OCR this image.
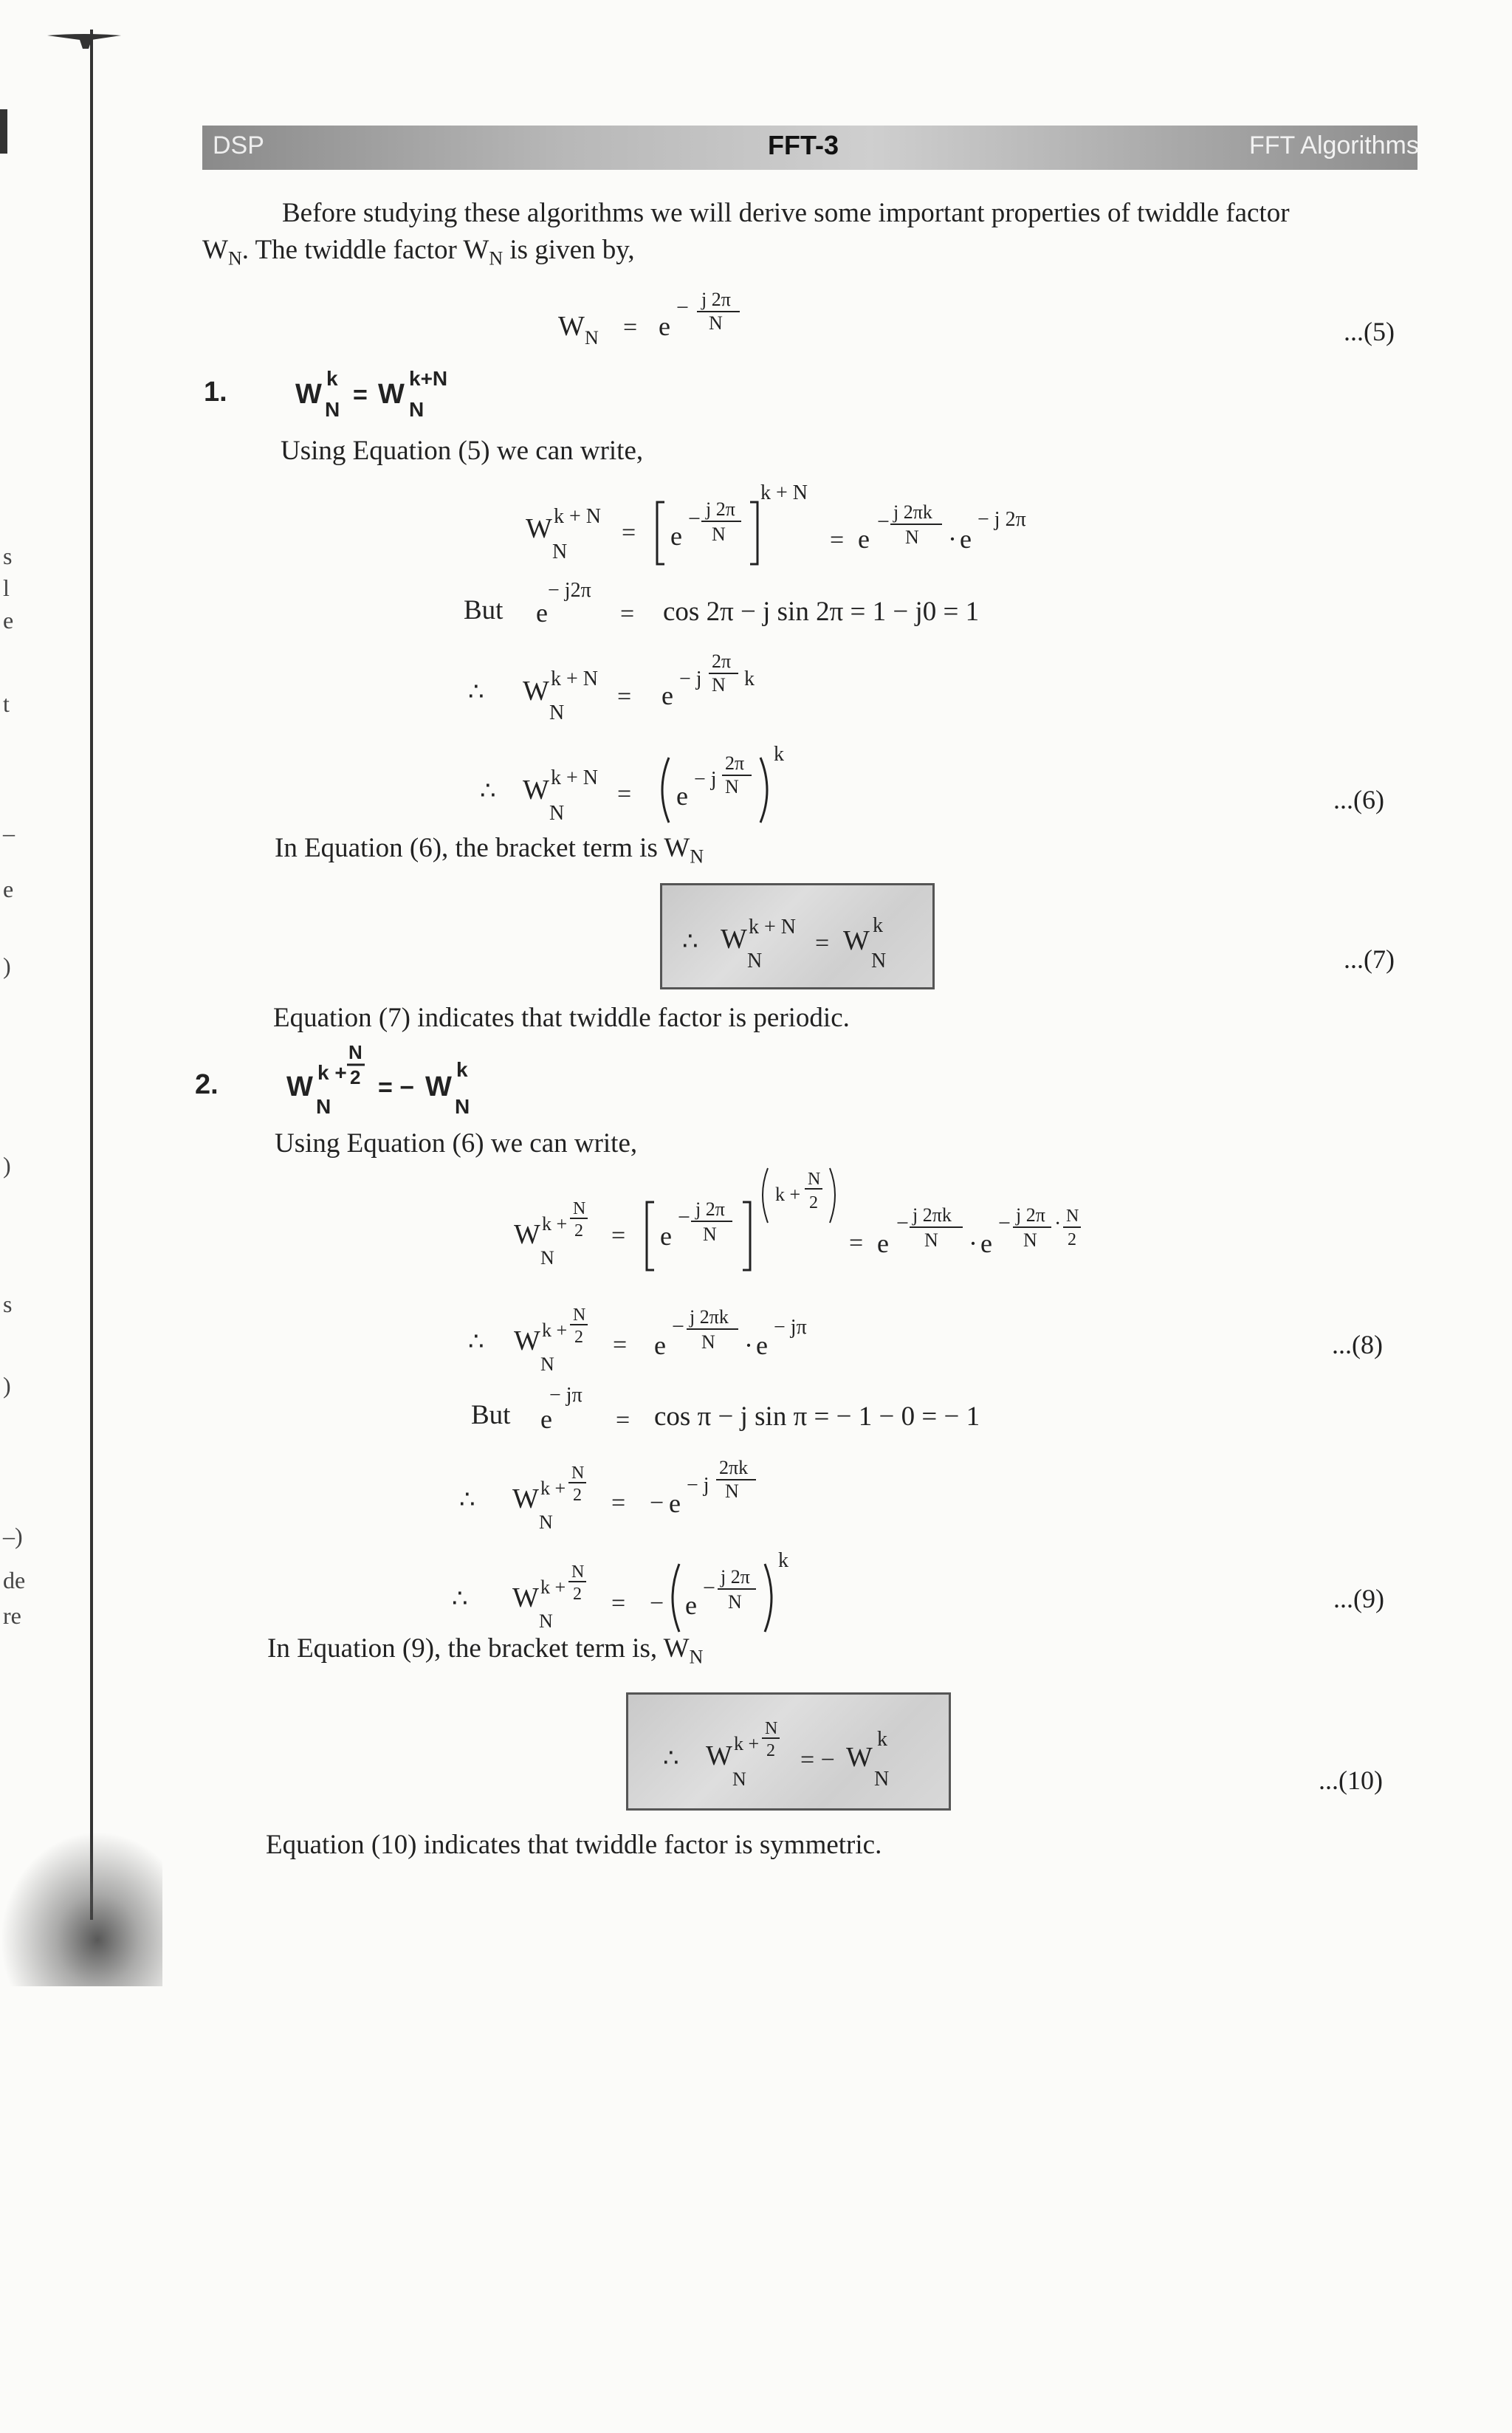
s
l
e
t
–
e
)
)
s
)
–)
de
re
DSP	FFT-3	FFT Algorithms
Before studying these algorithms we will derive some important properties of twiddle factor
$W_N$. The twiddle factor $W_N$ is given by,
W N = e
− j 2π
N	...(5)
1. W
k
N
= W
k+N
N
Using Equation (5) we can write,
W k + N
N
= e
− j 2π
N
k + N
= e
− j 2πk
N · e
− j 2π
But e
− j2π
= cos 2π − j sin 2π = 1 − j0 = 1
∴ W k + N
N
= e
− j
2π
N k
∴ W k + N
N
= e
− j
2π
N
k
...(6)
In Equation (6), the bracket term is $W_N$
∴ W k + N
N
= W k
N	...(7)
Equation (7) indicates that twiddle factor is periodic.
2. W k +
N
2
N
= − W
k
N
Using Equation (6) we can write,
W k +
N
2
N
= e
− j 2π
N
k +
N
2
= e
− j 2πk
N · e
− j 2π
N
· N
2
∴ W k +
N
2
N
= e
− j 2πk
N · e
− jπ
...(8)
But e
− jπ
= cos π − j sin π = − 1 − 0 = − 1
∴ W k +
N
2
N
= − e
− j
2πk
N
∴ W k +
N
2
N
= − e
− j 2π
N
k
...(9)
In Equation (9), the bracket term is, $W_N$
∴ W k +
N
2
N
= − W
k
N	...(10)
Equation (10) indicates that twiddle factor is symmetric.
